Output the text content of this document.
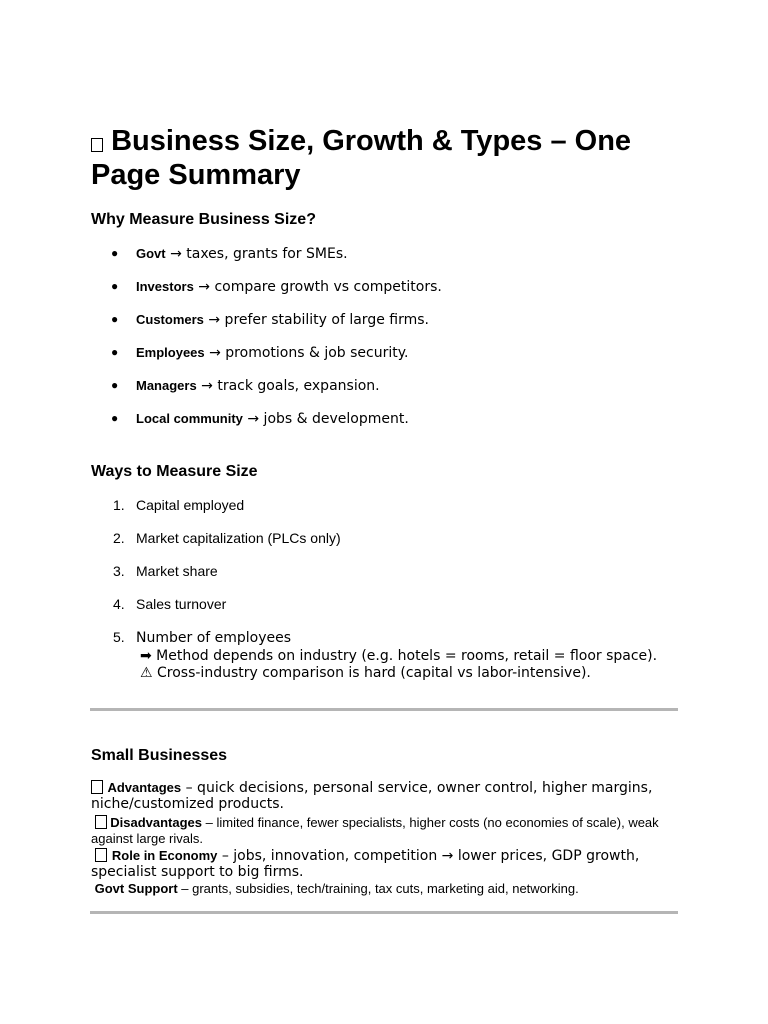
Business Size, Growth & Types – One Page Summary
Why Measure Business Size?
● Govt → taxes, grants for SMEs.
● Investors → compare growth vs competitors.
● Customers → prefer stability of large firms.
● Employees → promotions & job security.
● Managers → track goals, expansion.
● Local community → jobs & development.
Ways to Measure Size
1. Capital employed
2. Market capitalization (PLCs only)
3. Market share
4. Sales turnover
5. Number of employees
➡ Method depends on industry (e.g. hotels = rooms, retail = floor space).
⚠ Cross-industry comparison is hard (capital vs labor-intensive).
Small Businesses

Advantages – quick decisions, personal service, owner control, higher margins, niche/customized products.

Disadvantages – limited finance, fewer specialists, higher costs (no economies of scale), weak against large rivals.

Role in Economy – jobs, innovation, competition → lower prices, GDP growth, specialist support to big firms.

Govt Support – grants, subsidies, tech/training, tax cuts, marketing aid, networking.
